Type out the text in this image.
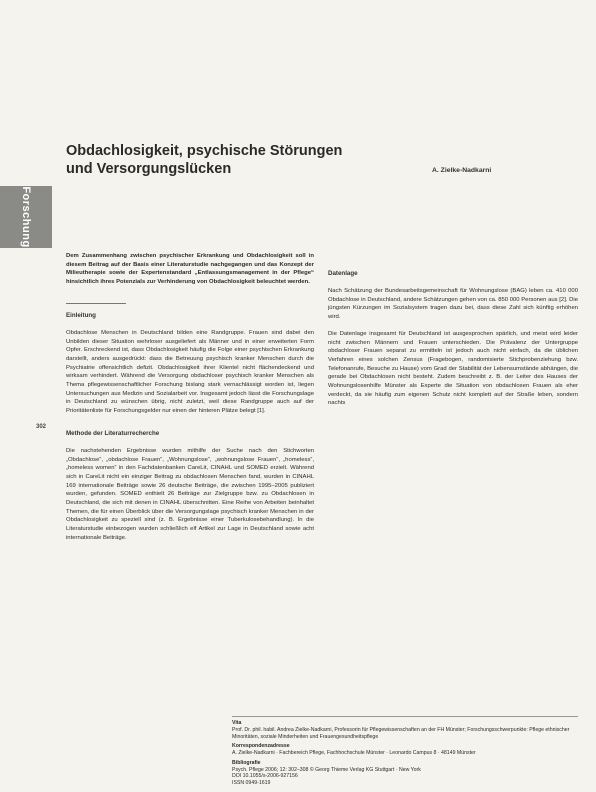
Forschung
302
Obdachlosigkeit, psychische Störungen
und Versorgungslücken	A. Zielke-Nadkarni

Dem Zusammenhang zwischen psychischer Erkrankung und Obdachlosigkeit soll in diesem Beitrag auf der Basis einer Literaturstudie nachgegangen und das Konzept der Milieutherapie sowie der Expertenstandard „Entlassungsmanagement in der Pflege“ hinsichtlich ihres Potenzials zur Verhinderung von Obdachlosigkeit beleuchtet werden.

Einleitung

Obdachlose Menschen in Deutschland bilden eine Randgruppe. Frauen sind dabei den Unbilden dieser Situation wehrloser ausgeliefert als Männer und in einer erweiterten Form Opfer. Erschreckend ist, dass Obdachlosigkeit häufig die Folge einer psychischen Erkrankung darstellt, anders ausgedrückt: dass die Betreuung psychisch kranker Menschen durch die Psychiatrie offensichtlich defizit. Obdachlosigkeit ihrer Klientel nicht flächendeckend und wirksam verhindert. Während die Versorgung obdachloser psychisch kranker Menschen als Thema pflegewissenschaftlicher Forschung bislang stark vernachlässigt worden ist, liegen Untersuchungen aus Medizin und Sozialarbeit vor. Insgesamt jedoch lässt die Forschungslage in Deutschland zu wünschen übrig, nicht zuletzt, weil diese Randgruppe auch auf der Prioritätenliste für Forschungsgelder nur einen der hinteren Plätze belegt [1].

Methode der Literaturrecherche

Die nachstehenden Ergebnisse wurden mithilfe der Suche nach den Stichworten „Obdachlose“, „obdachlose Frauen“, „Wohnungslose“, „wohnungslose Frauen“, „homeless“, „homeless women“ in den Fachdatenbanken CareLit, CINAHL und SOMED erzielt. Während sich in CareLit nicht ein einziger Beitrag zu obdachlosen Menschen fand, wurden in CINAHL 169 internationale Beiträge sowie 26 deutsche Beiträge, die zwischen 1995–2005 publiziert wurden, gefunden. SOMED enthielt 26 Beiträge zur Zielgruppe bzw. zu Obdachlosen in Deutschland, die sich mit denen in CINAHL überschnitten. Eine Reihe von Arbeiten beinhaltet Themen, die für einen Überblick über die Versorgungslage psychisch kranker Menschen in der Obdachlosigkeit zu speziell sind (z. B. Ergebnisse einer Tuberkulosebehandlung). In die Literaturstudie einbezogen wurden schließlich elf Artikel zur Lage in Deutschland sowie acht internationale Beiträge.

Datenlage

Nach Schätzung der Bundesarbeitsgemeinschaft für Wohnungslose (BAG) leben ca. 410 000 Obdachlose in Deutschland, andere Schätzungen gehen von ca. 850 000 Personen aus [2]. Die jüngsten Kürzungen im Sozialsystem tragen dazu bei, dass diese Zahl sich künftig erhöhen wird.

Die Datenlage insgesamt für Deutschland ist ausgesprochen spärlich, und meist wird leider nicht zwischen Männern und Frauen unterschieden. Die Prävalenz der Untergruppe obdachloser Frauen separat zu ermitteln ist jedoch auch nicht einfach, da die üblichen Verfahren eines solchen Zensus (Fragebogen, randomisierte Stichprobenziehung bzw. Telefonanrufe, Besuche zu Hause) vom Grad der Stabilität der Lebensumstände abhängen, die gerade bei Obdachlosen nicht besteht. Zudem beschreibt z. B. der Leiter des Hauses der Wohnungslosenhilfe Münster als Experte die Situation von obdachlosen Frauen als eher verdeckt, da sie häufig zum eigenen Schutz nicht komplett auf der Straße leben, sondern nachts

Vita
Prof. Dr. phil. habil. Andrea Zielke-Nadkarni, Professorin für Pflegewissenschaften an der FH Münster; Forschungsschwerpunkte: Pflege ethnischer Minoritäten, soziale Minderheiten und Frauengesundheitspflege
Korrespondenzadresse
A. Zielke-Nadkarni · Fachbereich Pflege, Fachhochschule Münster · Leonardo Campus 8 · 48149 Münster
Bibliografie
Psych. Pflege 2006; 12: 302–308 © Georg Thieme Verlag KG Stuttgart · New York
DOI 10.1055/s-2006-927156
ISSN 0949-1619
